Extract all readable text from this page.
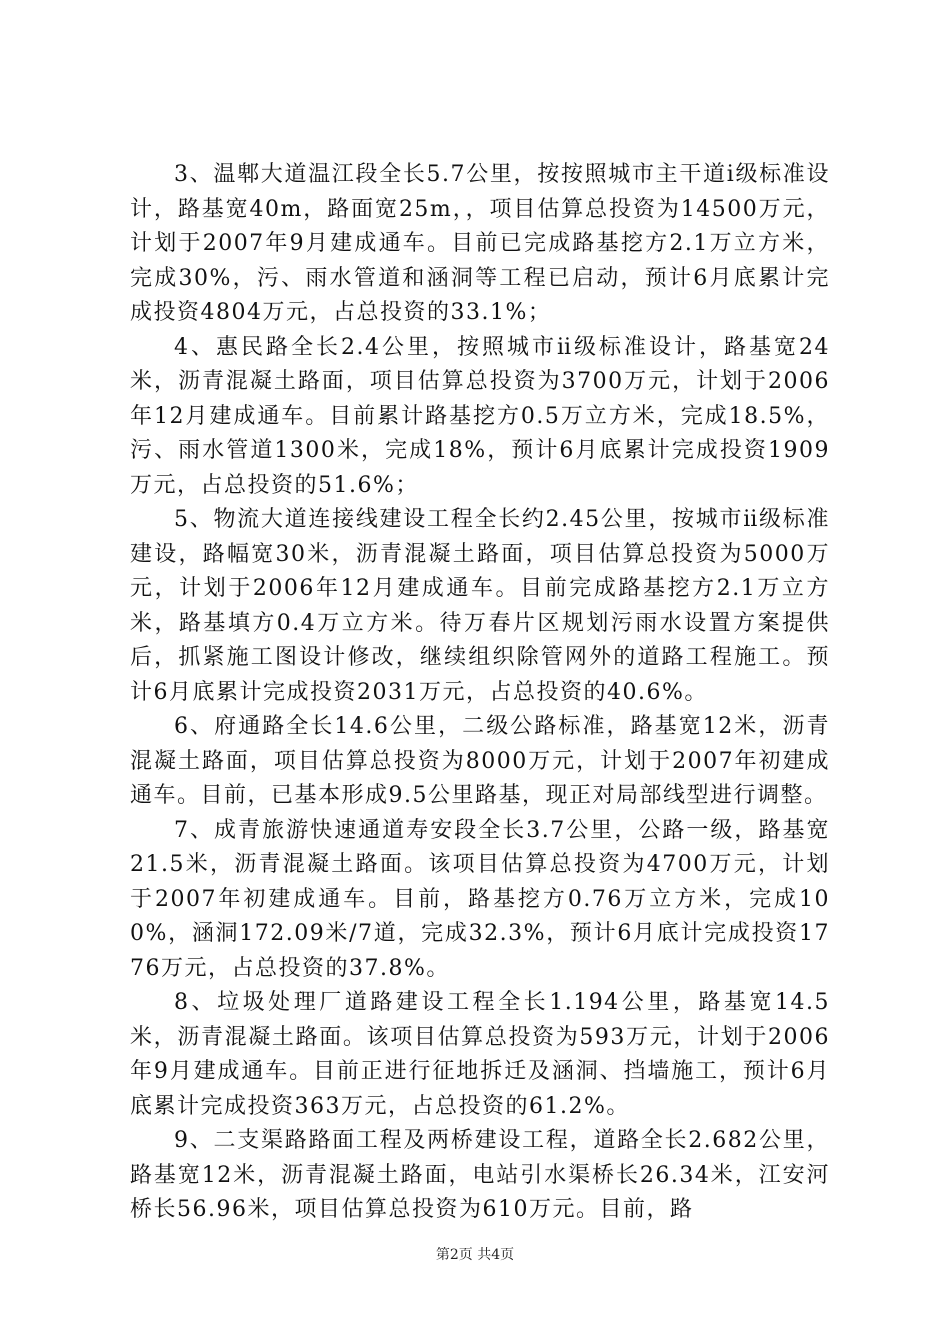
3、温郫大道温江段全长5.7公里，按按照城市主干道ⅰ级标准设计，路基宽40m，路面宽25m，，项目估算总投资为14500万元，计划于2007年9月建成通车。目前已完成路基挖方2.1万立方米，完成30%，污、雨水管道和涵洞等工程已启动，预计6月底累计完成投资4804万元，占总投资的33.1%；

4、惠民路全长2.4公里，按照城市ⅱ级标准设计，路基宽24米，沥青混凝土路面，项目估算总投资为3700万元，计划于2006年12月建成通车。目前累计路基挖方0.5万立方米，完成18.5%，污、雨水管道1300米，完成18%，预计6月底累计完成投资1909万元，占总投资的51.6%；

5、物流大道连接线建设工程全长约2.45公里，按城市ⅱ级标准建设，路幅宽30米，沥青混凝土路面，项目估算总投资为5000万元，计划于2006年12月建成通车。目前完成路基挖方2.1万立方米，路基填方0.4万立方米。待万春片区规划污雨水设置方案提供后，抓紧施工图设计修改，继续组织除管网外的道路工程施工。预计6月底累计完成投资2031万元，占总投资的40.6%。

6、府通路全长14.6公里，二级公路标准，路基宽12米，沥青混凝土路面，项目估算总投资为8000万元，计划于2007年初建成通车。目前，已基本形成9.5公里路基，现正对局部线型进行调整。

7、成青旅游快速通道寿安段全长3.7公里，公路一级，路基宽21.5米，沥青混凝土路面。该项目估算总投资为4700万元，计划于2007年初建成通车。目前，路基挖方0.76万立方米，完成100%，涵洞172.09米/7道，完成32.3%，预计6月底计完成投资1776万元，占总投资的37.8%。

8、垃圾处理厂道路建设工程全长1.194公里，路基宽14.5米，沥青混凝土路面。该项目估算总投资为593万元，计划于2006年9月建成通车。目前正进行征地拆迁及涵洞、挡墙施工，预计6月底累计完成投资363万元，占总投资的61.2%。

9、二支渠路路面工程及两桥建设工程，道路全长2.682公里，路基宽12米，沥青混凝土路面，电站引水渠桥长26.34米，江安河桥长56.96米，项目估算总投资为610万元。目前，路

第2页 共4页
